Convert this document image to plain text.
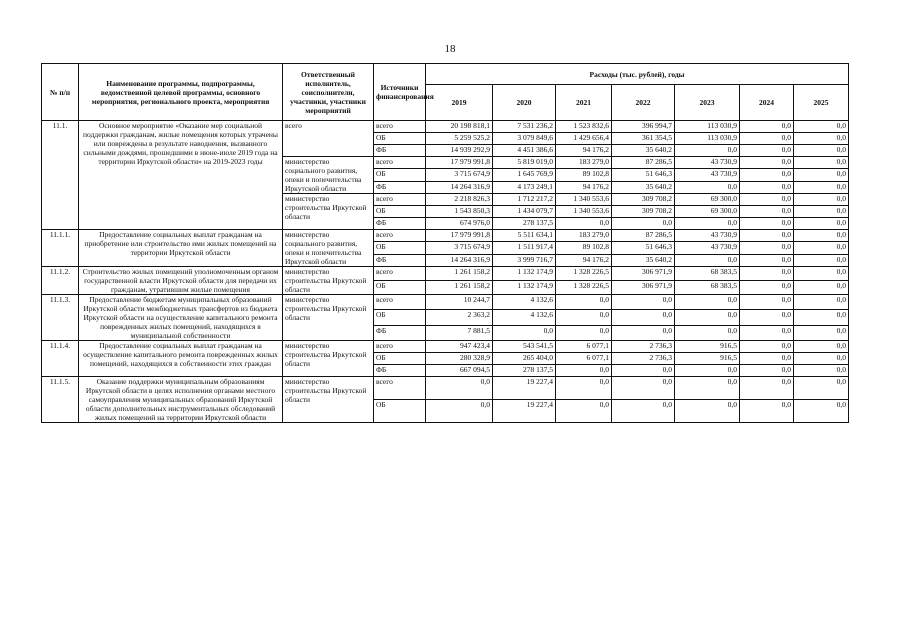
18
№ п/п	Наименование программы, подпрограммы, ведомственной целевой программы, основного мероприятия, регионального проекта, мероприятия	Ответственный исполнитель, соисполнители, участники, участники мероприятий	Источники финансирования	Расходы (тыс. рублей), годы						
				2019	2020	2021	2022	2023	2024	2025
11.1.	Основное мероприятие «Оказание мер социальной поддержки гражданам, жилые помещения которых утрачены или повреждены в результате наводнения, вызванного сильными дождями, прошедшими в июне-июле 2019 года на территории Иркутской области» на 2019-2023 годы	всего	всего	20 198 818,1	7 531 236,2	1 523 832,6	396 994,7	113 030,9	0,0	0,0
			ОБ	5 259 525,2	3 079 849,6	1 429 656,4	361 354,5	113 030,9	0,0	0,0
			ФБ	14 939 292,9	4 451 386,6	94 176,2	35 640,2	0,0	0,0	0,0
		министерство социального развития, опеки и попечительства Иркутской области	всего	17 979 991,8	5 819 019,0	183 279,0	87 286,5	43 730,9	0,0	0,0
			ОБ	3 715 674,9	1 645 769,9	89 102,8	51 646,3	43 730,9	0,0	0,0
			ФБ	14 264 316,9	4 173 249,1	94 176,2	35 640,2	0,0	0,0	0,0
		министерство строительства Иркутской области	всего	2 218 826,3	1 712 217,2	1 340 553,6	309 708,2	69 300,0	0,0	0,0
			ОБ	1 543 850,3	1 434 079,7	1 340 553,6	309 708,2	69 300,0	0,0	0,0
			ФБ	674 976,0	278 137,5	0,0	0,0	0,0	0,0	0,0
11.1.1.	Предоставление социальных выплат гражданам на приобретение или строительство ими жилых помещений на территории Иркутской области	министерство социального развития, опеки и попечительства Иркутской области	всего	17 979 991,8	5 511 634,1	183 279,0	87 286,5	43 730,9	0,0	0,0
			ОБ	3 715 674,9	1 511 917,4	89 102,8	51 646,3	43 730,9	0,0	0,0
			ФБ	14 264 316,9	3 999 716,7	94 176,2	35 640,2	0,0	0,0	0,0
11.1.2.	Строительство жилых помещений уполномоченным органом государственной власти Иркутской области для передачи их гражданам, утратившим жилые помещения	министерство строительства Иркутской области	всего	1 261 158,2	1 132 174,9	1 328 226,5	306 971,9	68 383,5	0,0	0,0
			ОБ	1 261 158,2	1 132 174,9	1 328 226,5	306 971,9	68 383,5	0,0	0,0
11.1.3.	Предоставление бюджетам муниципальных образований Иркутской области межбюджетных трансфертов из бюджета Иркутской области на осуществление капитального ремонта поврежденных жилых помещений, находящихся в муниципальной собственности	министерство строительства Иркутской области	всего	10 244,7	4 132,6	0,0	0,0	0,0	0,0	0,0
			ОБ	2 363,2	4 132,6	0,0	0,0	0,0	0,0	0,0
			ФБ	7 881,5	0,0	0,0	0,0	0,0	0,0	0,0
11.1.4.	Предоставление социальных выплат гражданам на осуществление капитального ремонта поврежденных жилых помещений, находящихся в собственности этих граждан	министерство строительства Иркутской области	всего	947 423,4	543 541,5	6 077,1	2 736,3	916,5	0,0	0,0
			ОБ	280 328,9	265 404,0	6 077,1	2 736,3	916,5	0,0	0,0
			ФБ	667 094,5	278 137,5	0,0	0,0	0,0	0,0	0,0
11.1.5.	Оказание поддержки муниципальным образованиям Иркутской области в целях исполнения органами местного самоуправления муниципальных образований Иркутской области дополнительных инструментальных обследований жилых помещений на территории Иркутской области	министерство строительства Иркутской области	всего	0,0	19 227,4	0,0	0,0	0,0	0,0	0,0
			ОБ	0,0	19 227,4	0,0	0,0	0,0	0,0	0,0
